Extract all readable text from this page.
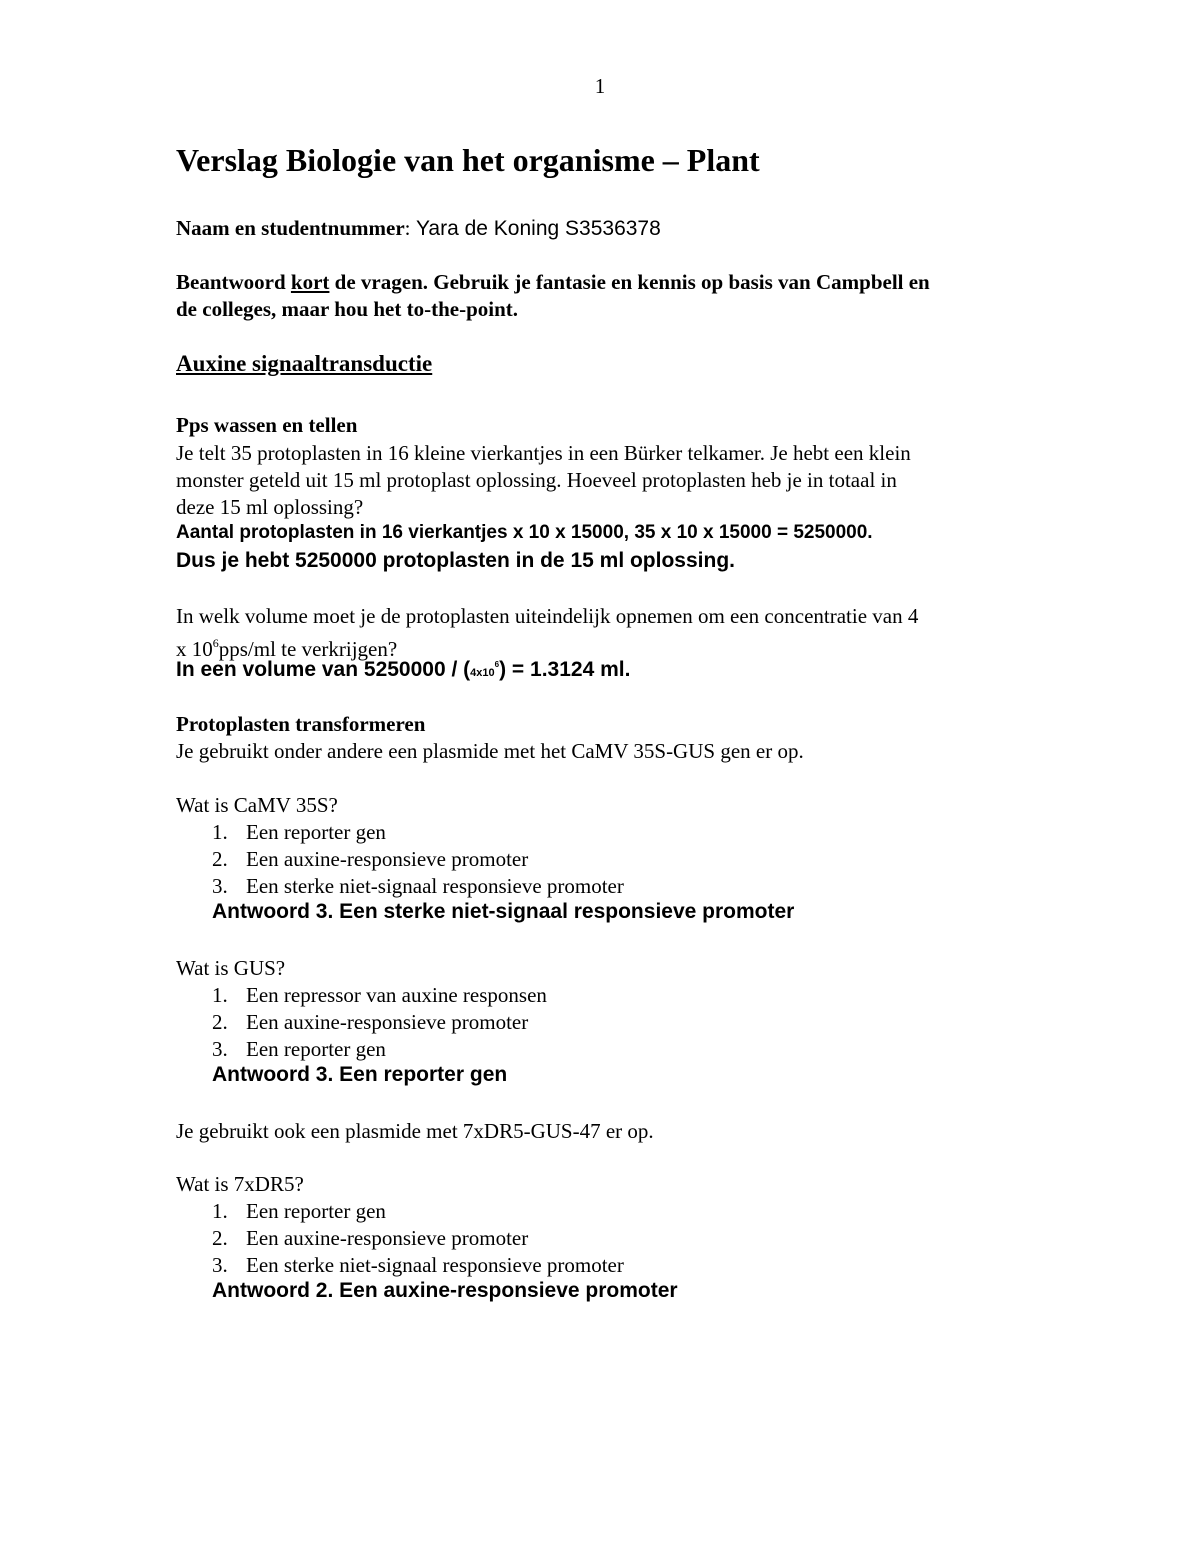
1
Verslag Biologie van het organisme – Plant
Naam en studentnummer: Yara de Koning S3536378
Beantwoord kort de vragen. Gebruik je fantasie en kennis op basis van Campbell en
de colleges, maar hou het to-the-point.
Auxine signaaltransductie
Pps wassen en tellen
Je telt 35 protoplasten in 16 kleine vierkantjes in een Bürker telkamer. Je hebt een klein
monster geteld uit 15 ml protoplast oplossing. Hoeveel protoplasten heb je in totaal in
deze 15 ml oplossing?
Aantal protoplasten in 16 vierkantjes x 10 x 15000, 35 x 10 x 15000 = 5250000.
Dus je hebt 5250000 protoplasten in de 15 ml oplossing.
In welk volume moet je de protoplasten uiteindelijk opnemen om een concentratie van 4
x $10^6pps/ml$ te verkrijgen?
In een volume van $5250000 / (4x10^6) = 1.3124$ ml.
Protoplasten transformeren
Je gebruikt onder andere een plasmide met het CaMV 35S-GUS gen er op.
Wat is CaMV 35S?
1. Een reporter gen
2. Een auxine-responsieve promoter
3. Een sterke niet-signaal responsieve promoter
Antwoord 3. Een sterke niet-signaal responsieve promoter
Wat is GUS?
1. Een repressor van auxine responsen
2. Een auxine-responsieve promoter
3. Een reporter gen
Antwoord 3. Een reporter gen
Je gebruikt ook een plasmide met 7xDR5-GUS-47 er op.
Wat is 7xDR5?
1. Een reporter gen
2. Een auxine-responsieve promoter
3. Een sterke niet-signaal responsieve promoter
Antwoord 2. Een auxine-responsieve promoter
